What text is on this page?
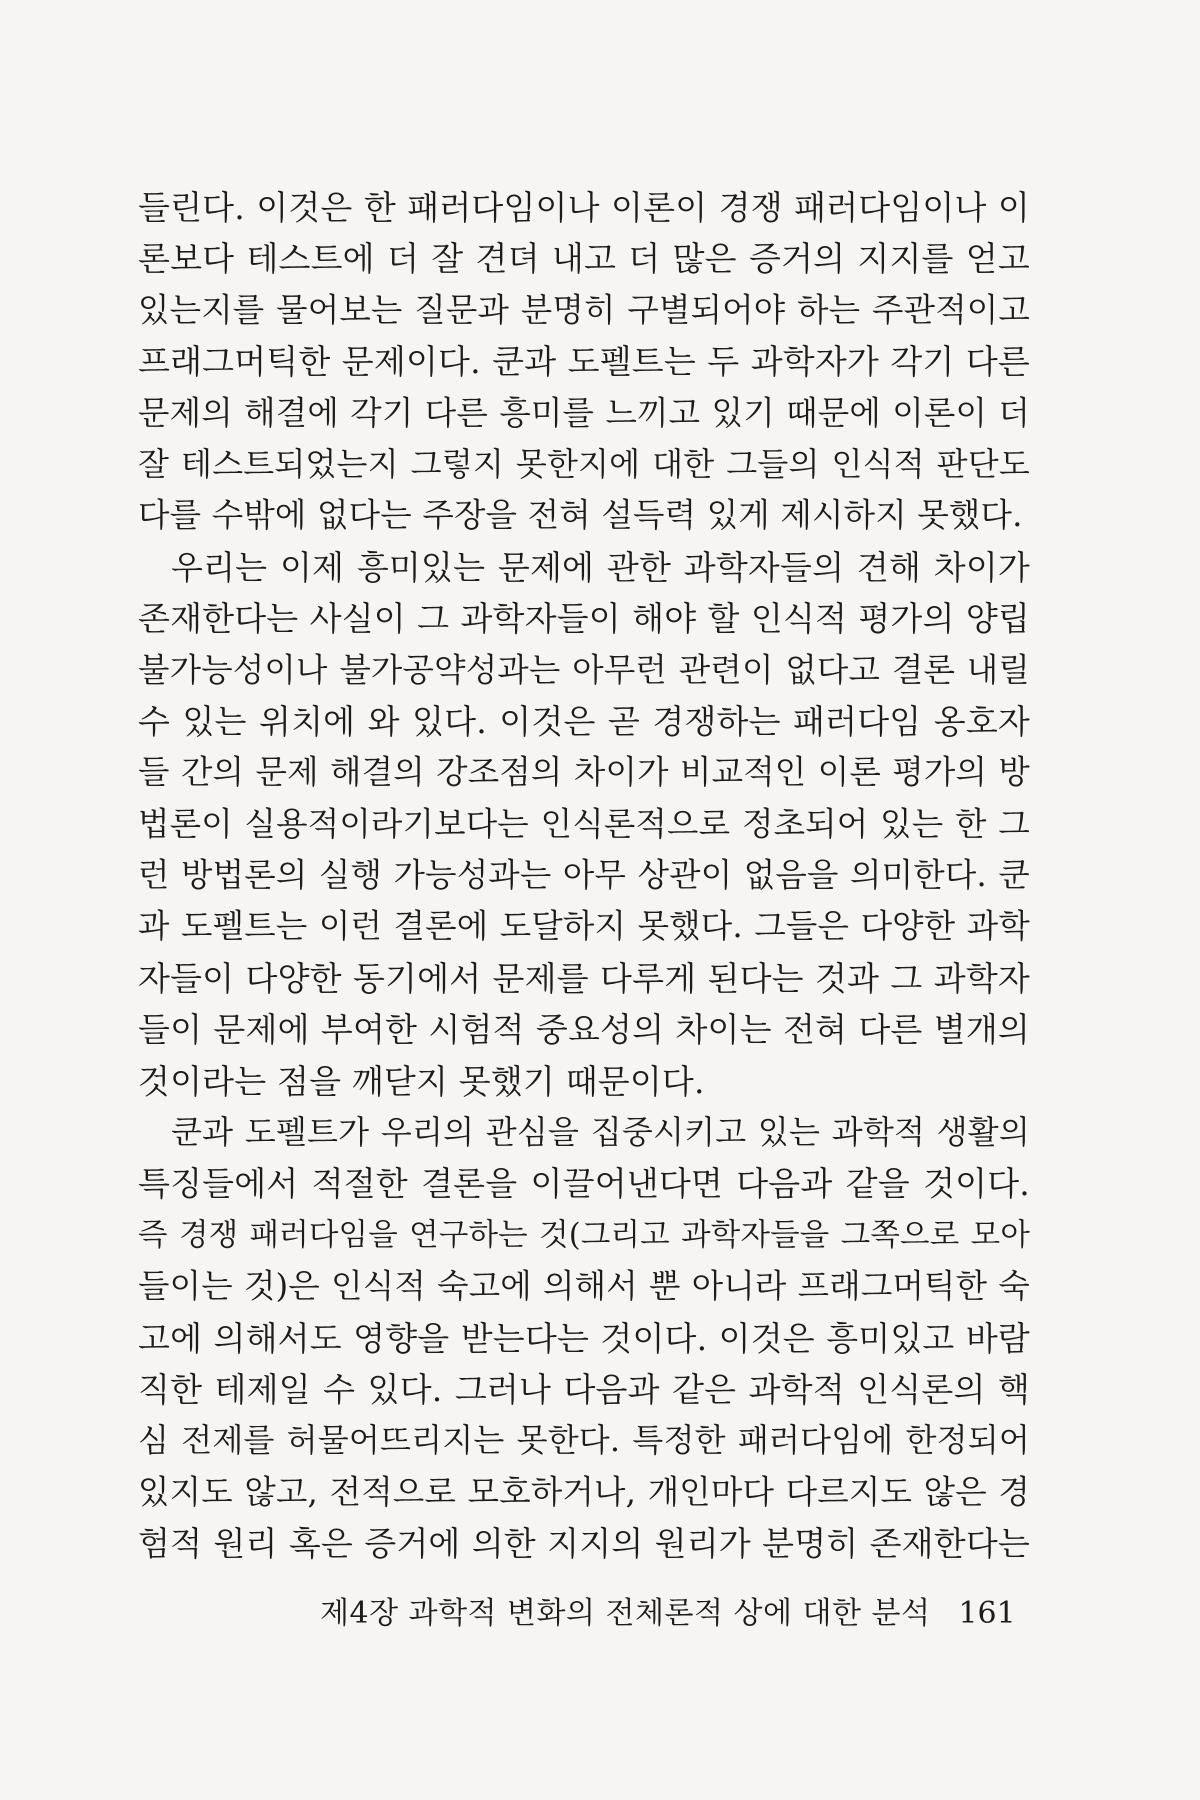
들린다. 이것은 한 패러다임이나 이론이 경쟁 패러다임이나 이
론보다 테스트에 더 잘 견뎌 내고 더 많은 증거의 지지를 얻고
있는지를 물어보는 질문과 분명히 구별되어야 하는 주관적이고
프래그머틱한 문제이다. 쿤과 도펠트는 두 과학자가 각기 다른
문제의 해결에 각기 다른 흥미를 느끼고 있기 때문에 이론이 더
잘 테스트되었는지 그렇지 못한지에 대한 그들의 인식적 판단도
다를 수밖에 없다는 주장을 전혀 설득력 있게 제시하지 못했다.
우리는 이제 흥미있는 문제에 관한 과학자들의 견해 차이가
존재한다는 사실이 그 과학자들이 해야 할 인식적 평가의 양립
불가능성이나 불가공약성과는 아무런 관련이 없다고 결론 내릴
수 있는 위치에 와 있다. 이것은 곧 경쟁하는 패러다임 옹호자
들 간의 문제 해결의 강조점의 차이가 비교적인 이론 평가의 방
법론이 실용적이라기보다는 인식론적으로 정초되어 있는 한 그
런 방법론의 실행 가능성과는 아무 상관이 없음을 의미한다. 쿤
과 도펠트는 이런 결론에 도달하지 못했다. 그들은 다양한 과학
자들이 다양한 동기에서 문제를 다루게 된다는 것과 그 과학자
들이 문제에 부여한 시험적 중요성의 차이는 전혀 다른 별개의
것이라는 점을 깨닫지 못했기 때문이다.
쿤과 도펠트가 우리의 관심을 집중시키고 있는 과학적 생활의
특징들에서 적절한 결론을 이끌어낸다면 다음과 같을 것이다.
즉 경쟁 패러다임을 연구하는 것(그리고 과학자들을 그쪽으로 모아
들이는 것)은 인식적 숙고에 의해서 뿐 아니라 프래그머틱한 숙
고에 의해서도 영향을 받는다는 것이다. 이것은 흥미있고 바람
직한 테제일 수 있다. 그러나 다음과 같은 과학적 인식론의 핵
심 전제를 허물어뜨리지는 못한다. 특정한 패러다임에 한정되어
있지도 않고, 전적으로 모호하거나, 개인마다 다르지도 않은 경
험적 원리 혹은 증거에 의한 지지의 원리가 분명히 존재한다는
제4장 과학적 변화의 전체론적 상에 대한 분석 161
